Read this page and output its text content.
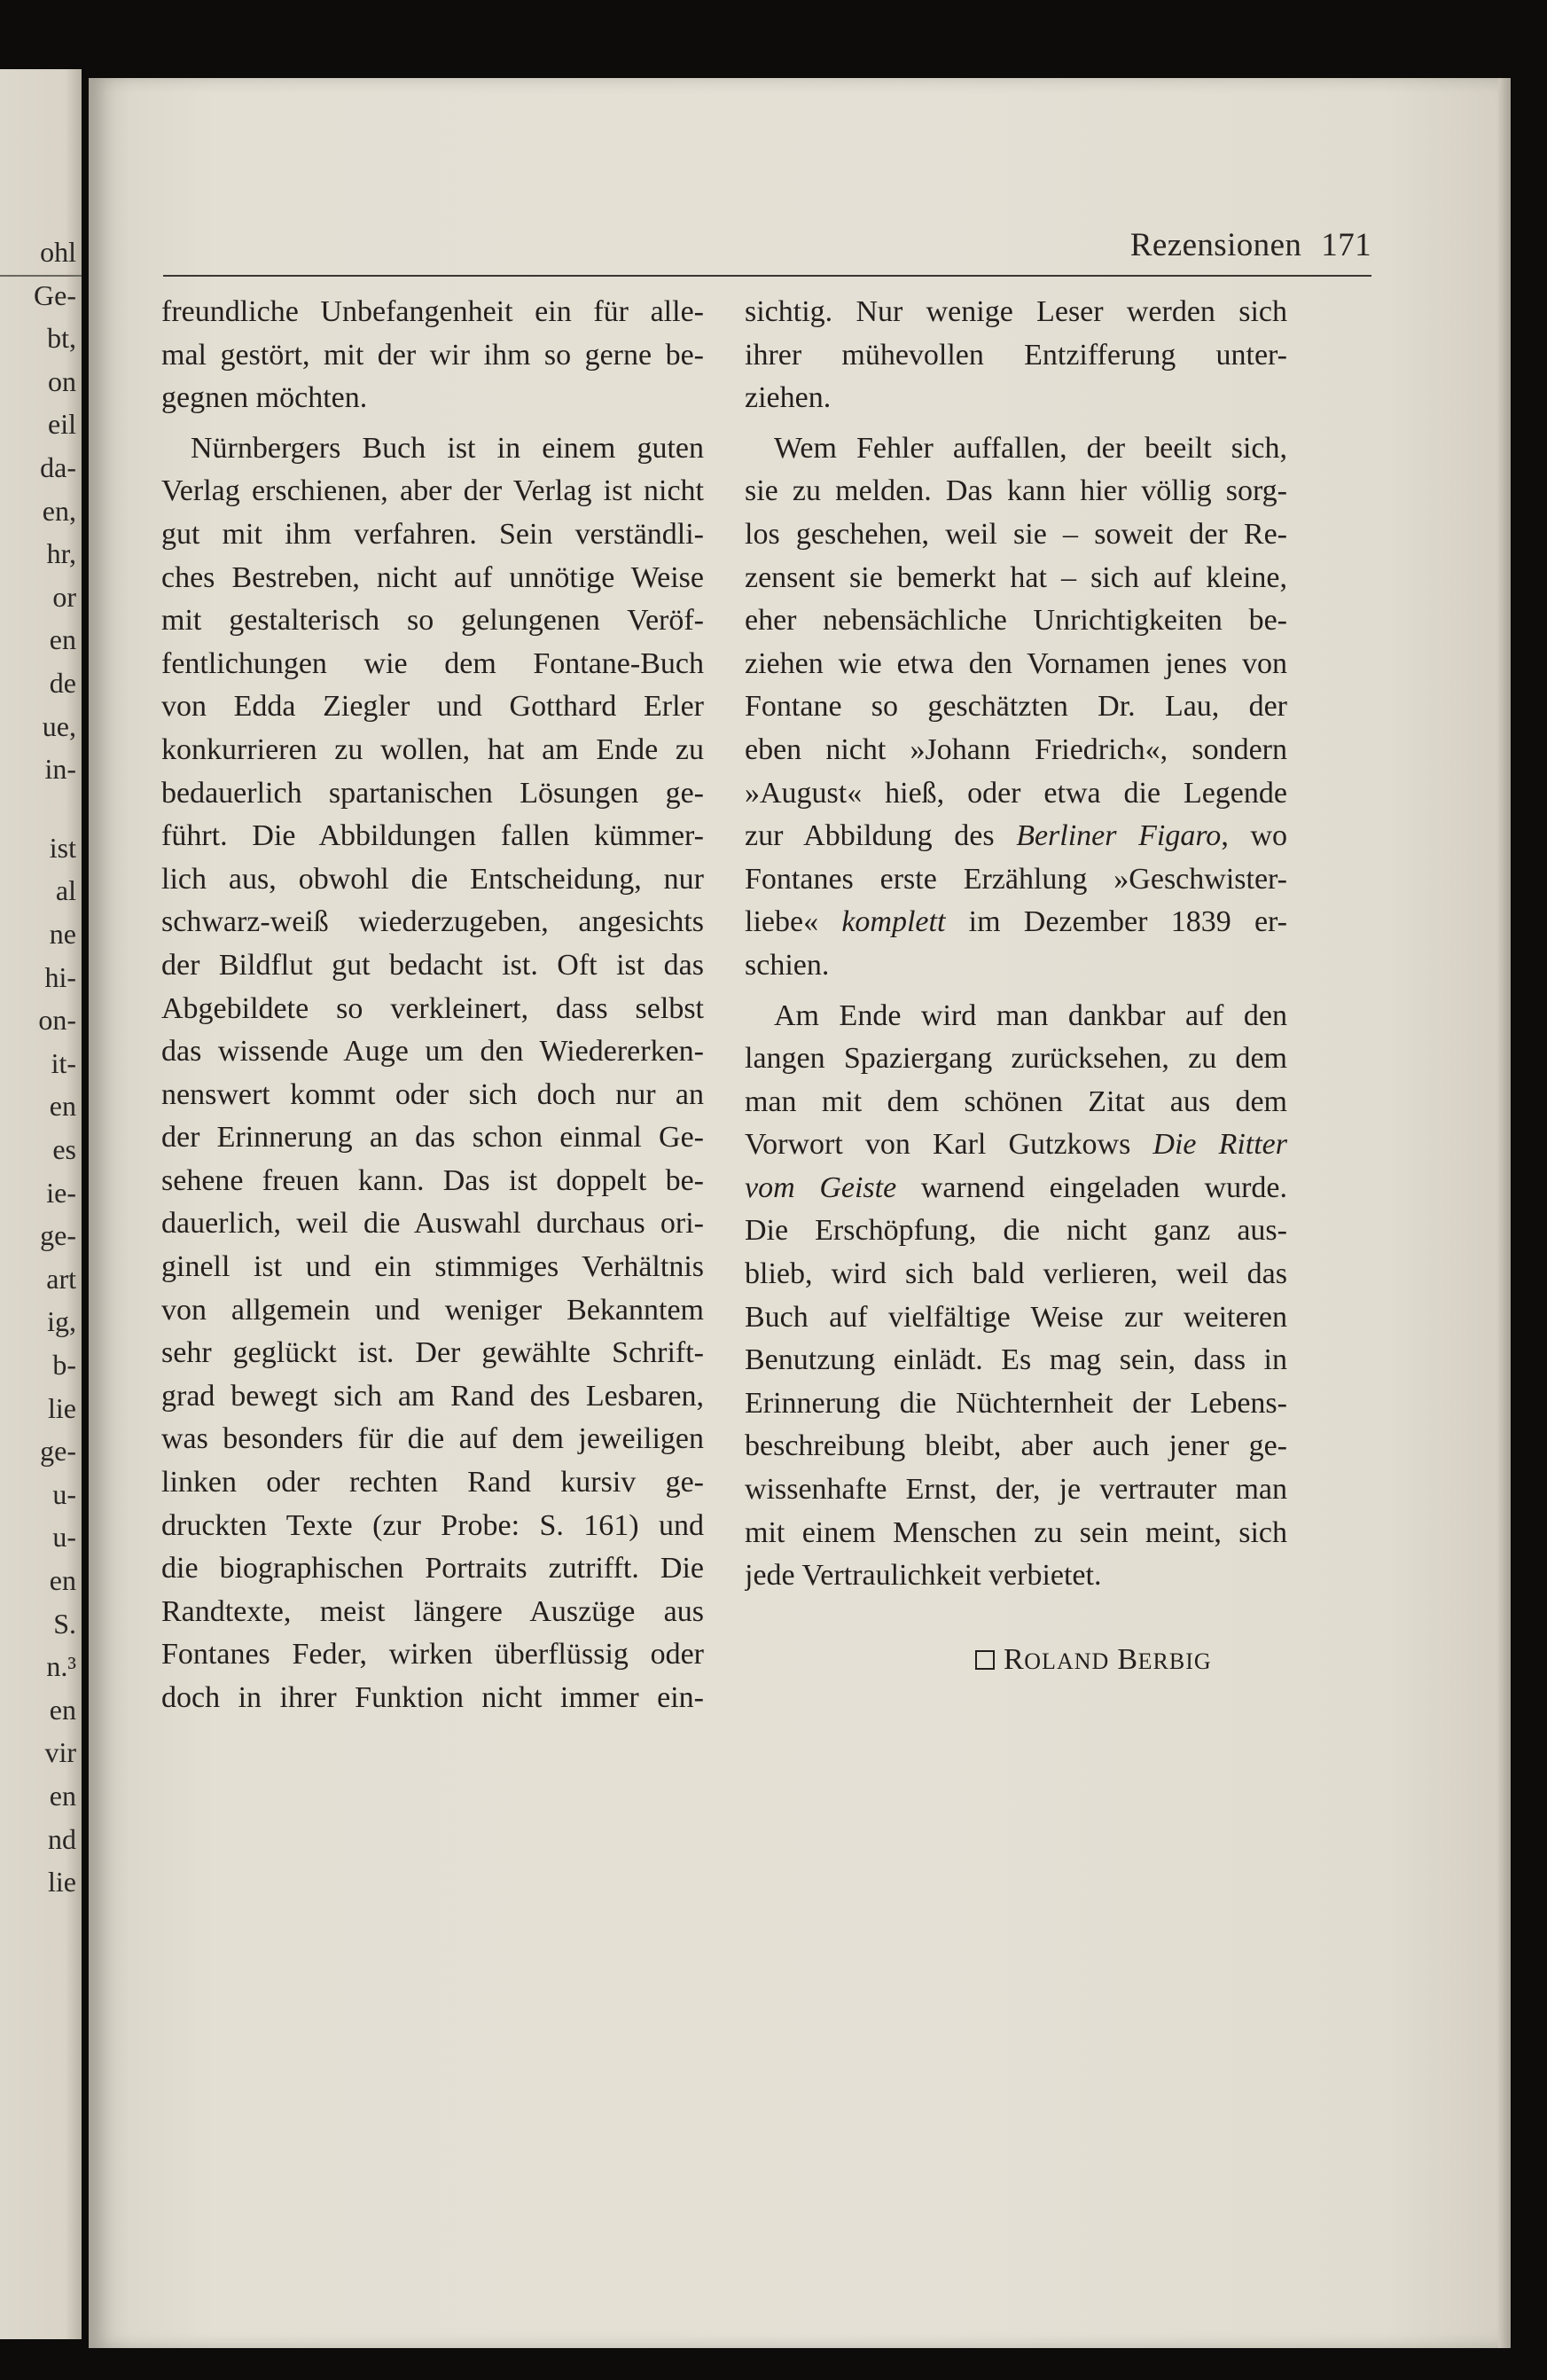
ohl
Ge-
bt,
on
eil
da-
en,
hr,
or
en
de
ue,
in-
ist
al
ne
hi-
on-
it-
en
es
ie-
ge-
art
ig,
b-
lie
ge-
u-
u-
en
S.
n.³
en
vir
en
nd
lie
Rezensionen 171
freundliche Unbefangenheit ein für alle-
mal gestört, mit der wir ihm so gerne be-
gegnen möchten.
Nürnbergers Buch ist in einem guten
Verlag erschienen, aber der Verlag ist nicht
gut mit ihm verfahren. Sein verständli-
ches Bestreben, nicht auf unnötige Weise
mit gestalterisch so gelungenen Veröf-
fentlichungen wie dem Fontane-Buch
von Edda Ziegler und Gotthard Erler
konkurrieren zu wollen, hat am Ende zu
bedauerlich spartanischen Lösungen ge-
führt. Die Abbildungen fallen kümmer-
lich aus, obwohl die Entscheidung, nur
schwarz-weiß wiederzugeben, angesichts
der Bildflut gut bedacht ist. Oft ist das
Abgebildete so verkleinert, dass selbst
das wissende Auge um den Wiedererken-
nenswert kommt oder sich doch nur an
der Erinnerung an das schon einmal Ge-
sehene freuen kann. Das ist doppelt be-
dauerlich, weil die Auswahl durchaus ori-
ginell ist und ein stimmiges Verhältnis
von allgemein und weniger Bekanntem
sehr geglückt ist. Der gewählte Schrift-
grad bewegt sich am Rand des Lesbaren,
was besonders für die auf dem jeweiligen
linken oder rechten Rand kursiv ge-
druckten Texte (zur Probe: S. 161) und
die biographischen Portraits zutrifft. Die
Randtexte, meist längere Auszüge aus
Fontanes Feder, wirken überflüssig oder
doch in ihrer Funktion nicht immer ein-
sichtig. Nur wenige Leser werden sich
ihrer mühevollen Entzifferung unter-
ziehen.
Wem Fehler auffallen, der beeilt sich,
sie zu melden. Das kann hier völlig sorg-
los geschehen, weil sie – soweit der Re-
zensent sie bemerkt hat – sich auf kleine,
eher nebensächliche Unrichtigkeiten be-
ziehen wie etwa den Vornamen jenes von
Fontane so geschätzten Dr. Lau, der
eben nicht »Johann Friedrich«, sondern
»August« hieß, oder etwa die Legende
zur Abbildung des Berliner Figaro, wo
Fontanes erste Erzählung »Geschwister-
liebe« komplett im Dezember 1839 er-
schien.
Am Ende wird man dankbar auf den
langen Spaziergang zurücksehen, zu dem
man mit dem schönen Zitat aus dem
Vorwort von Karl Gutzkows Die Ritter
vom Geiste warnend eingeladen wurde.
Die Erschöpfung, die nicht ganz aus-
blieb, wird sich bald verlieren, weil das
Buch auf vielfältige Weise zur weiteren
Benutzung einlädt. Es mag sein, dass in
Erinnerung die Nüchternheit der Lebens-
beschreibung bleibt, aber auch jener ge-
wissenhafte Ernst, der, je vertrauter man
mit einem Menschen zu sein meint, sich
jede Vertraulichkeit verbietet.
ROLAND BERBIG
